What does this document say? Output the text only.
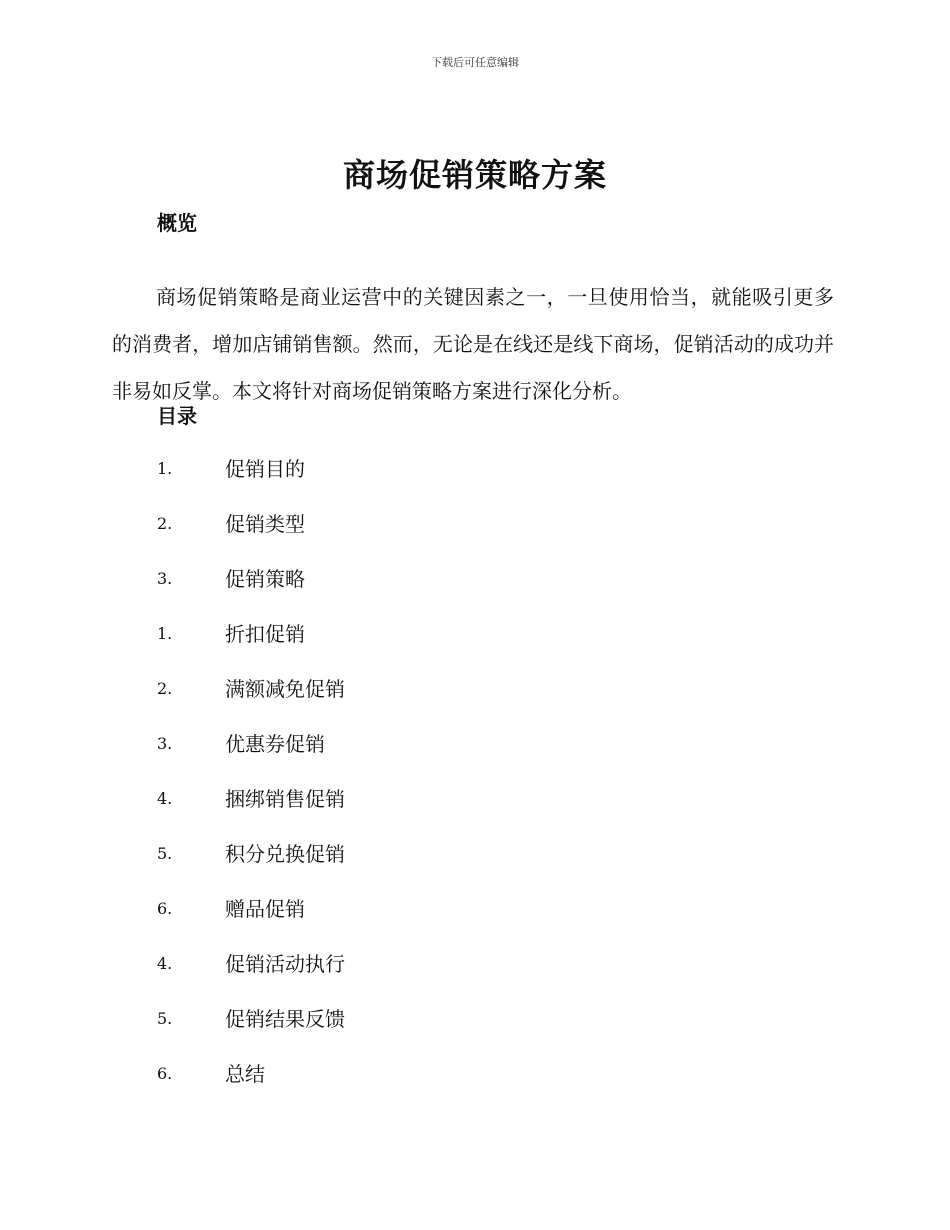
下载后可任意编辑
商场促销策略方案
概览

商场促销策略是商业运营中的关键因素之一，一旦使用恰当，就能吸引更多的消费者，增加店铺销售额。然而，无论是在线还是线下商场，促销活动的成功并非易如反掌。本文将针对商场促销策略方案进行深化分析。

目录
1.	促销目的
2.	促销类型
3.	促销策略
1.	折扣促销
2.	满额减免促销
3.	优惠券促销
4.	捆绑销售促销
5.	积分兑换促销
6.	赠品促销
4.	促销活动执行
5.	促销结果反馈
6.	总结
